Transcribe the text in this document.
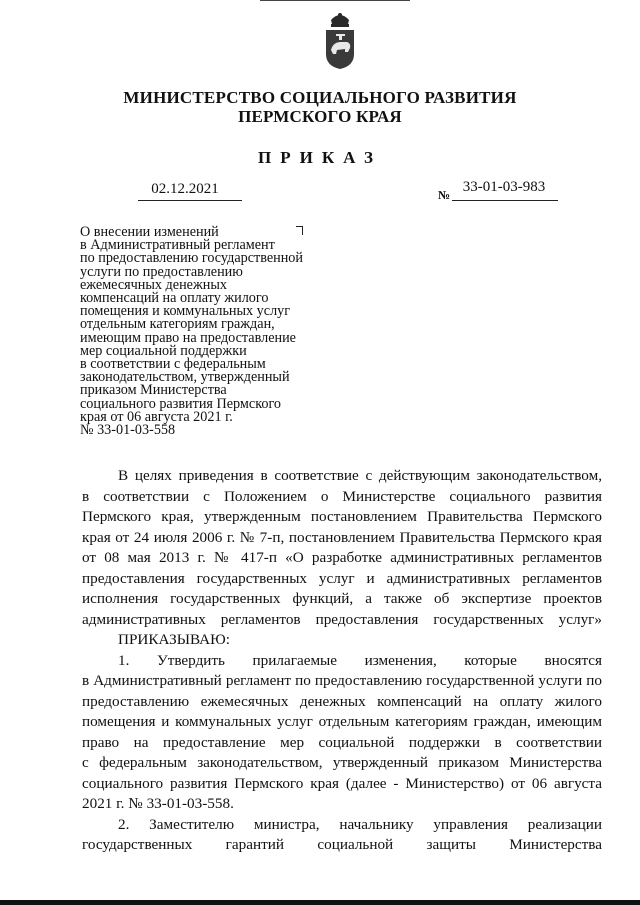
МИНИСТЕРСТВО СОЦИАЛЬНОГО РАЗВИТИЯ
ПЕРМСКОГО КРАЯ
ПРИКАЗ
02.12.2021	№ 33-01-03-983
О внесении изменений
в Административный регламент
по предоставлению государственной
услуги по предоставлению
ежемесячных денежных
компенсаций на оплату жилого
помещения и коммунальных услуг
отдельным категориям граждан,
имеющим право на предоставление
мер социальной поддержки
в соответствии с федеральным
законодательством, утвержденный
приказом Министерства
социального развития Пермского
края от 06 августа 2021 г.
№ 33-01-03-558
В целях приведения в соответствие с действующим законодательством,
в соответствии с Положением о Министерстве социального развития
Пермского края, утвержденным постановлением Правительства Пермского
края от 24 июля 2006 г. № 7-п, постановлением Правительства Пермского края
от 08 мая 2013 г. № 417-п «О разработке административных регламентов
предоставления государственных услуг и административных регламентов
исполнения государственных функций, а также об экспертизе проектов
административных регламентов предоставления государственных услуг»
ПРИКАЗЫВАЮ:
1. Утвердить прилагаемые изменения, которые вносятся
в Административный регламент по предоставлению государственной услуги по
предоставлению ежемесячных денежных компенсаций на оплату жилого
помещения и коммунальных услуг отдельным категориям граждан, имеющим
право на предоставление мер социальной поддержки в соответствии
с федеральным законодательством, утвержденный приказом Министерства
социального развития Пермского края (далее - Министерство) от 06 августа
2021 г. № 33-01-03-558.
2. Заместителю министра, начальнику управления реализации
государственных гарантий социальной защиты Министерства
